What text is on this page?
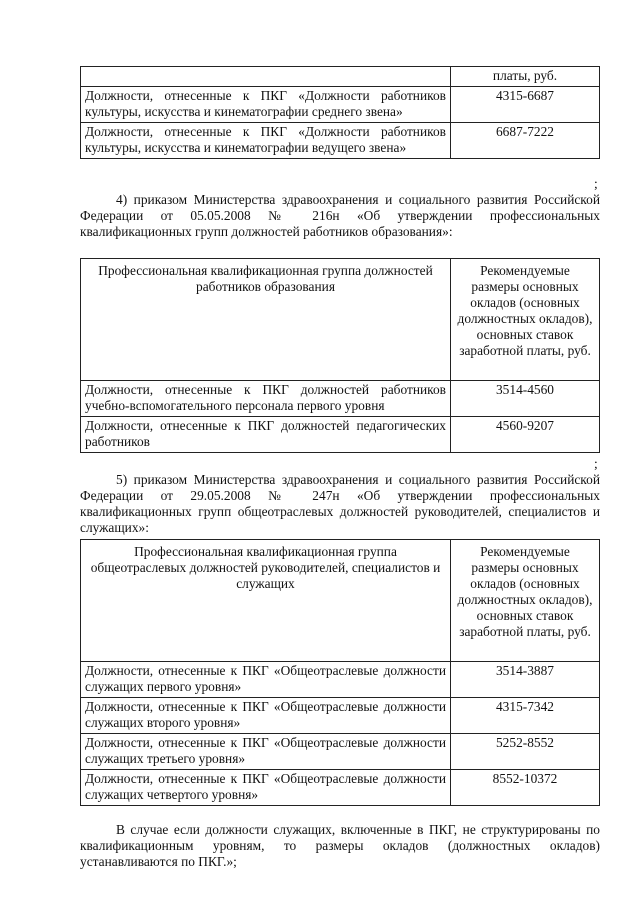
	платы, руб.
Должности, отнесенные к ПКГ «Должности работников культуры, искусства и кинематографии среднего звена»	4315-6687
Должности, отнесенные к ПКГ «Должности работников культуры, искусства и кинематографии ведущего звена»	6687-7222
;
4) приказом Министерства здравоохранения и социального развития Российской Федерации от 05.05.2008 № 216н «Об утверждении профессиональных квалификационных групп должностей работников образования»:
Профессиональная квалификационная группа должностей работников образования	Рекомендуемые размеры основных окладов (основных должностных окладов), основных ставок заработной платы, руб.
Должности, отнесенные к ПКГ должностей работников учебно-вспомогательного персонала первого уровня	3514-4560
Должности, отнесенные к ПКГ должностей педагогических работников	4560-9207
;
5) приказом Министерства здравоохранения и социального развития Российской Федерации от 29.05.2008 № 247н «Об утверждении профессиональных квалификационных групп общеотраслевых должностей руководителей, специалистов и служащих»:
Профессиональная квалификационная группа общеотраслевых должностей руководителей, специалистов и служащих	Рекомендуемые размеры основных окладов (основных должностных окладов), основных ставок заработной платы, руб.
Должности, отнесенные к ПКГ «Общеотраслевые должности служащих первого уровня»	3514-3887
Должности, отнесенные к ПКГ «Общеотраслевые должности служащих второго уровня»	4315-7342
Должности, отнесенные к ПКГ «Общеотраслевые должности служащих третьего уровня»	5252-8552
Должности, отнесенные к ПКГ «Общеотраслевые должности служащих четвертого уровня»	8552-10372
В случае если должности служащих, включенные в ПКГ, не структурированы по квалификационным уровням, то размеры окладов (должностных окладов) устанавливаются по ПКГ.»;
